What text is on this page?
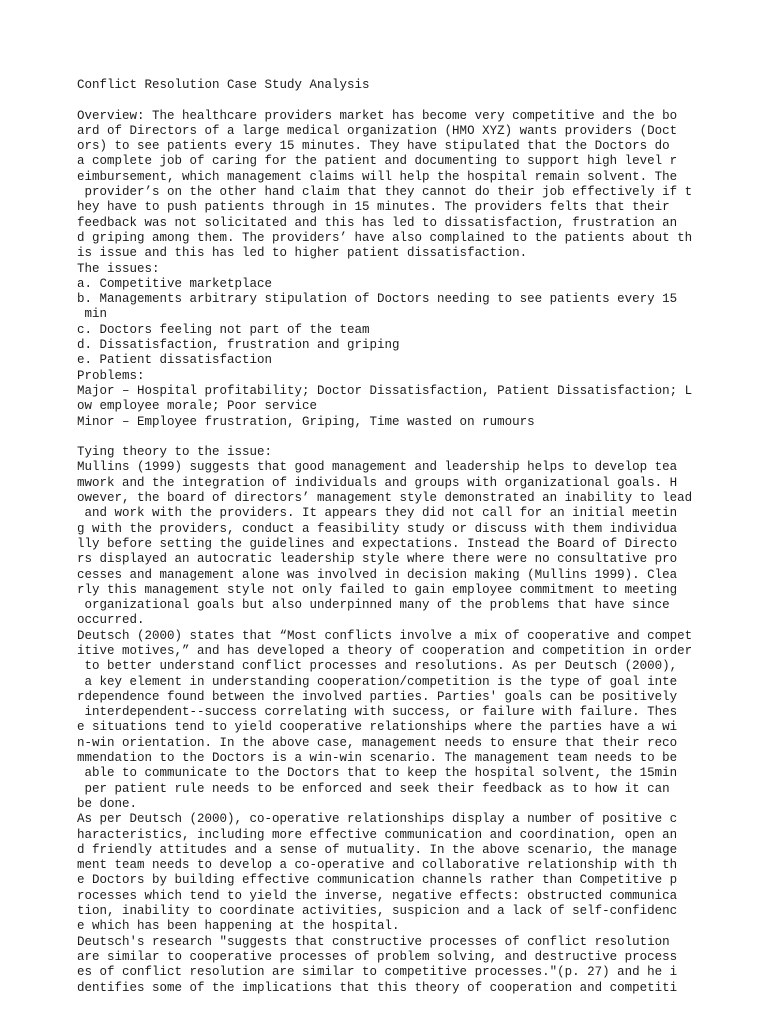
Conflict Resolution Case Study Analysis
Overview: The healthcare providers market has become very competitive and the bo
ard of Directors of a large medical organization (HMO XYZ) wants providers (Doct
ors) to see patients every 15 minutes. They have stipulated that the Doctors do
a complete job of caring for the patient and documenting to support high level r
eimbursement, which management claims will help the hospital remain solvent. The
provider’s on the other hand claim that they cannot do their job effectively if t
hey have to push patients through in 15 minutes. The providers felts that their
feedback was not solicitated and this has led to dissatisfaction, frustration an
d griping among them. The providers’ have also complained to the patients about th
is issue and this has led to higher patient dissatisfaction.
The issues:
a. Competitive marketplace
b. Managements arbitrary stipulation of Doctors needing to see patients every 15
min
c. Doctors feeling not part of the team
d. Dissatisfaction, frustration and griping
e. Patient dissatisfaction
Problems:
Major – Hospital profitability; Doctor Dissatisfaction, Patient Dissatisfaction; L
ow employee morale; Poor service
Minor – Employee frustration, Griping, Time wasted on rumours
Tying theory to the issue:
Mullins (1999) suggests that good management and leadership helps to develop tea
mwork and the integration of individuals and groups with organizational goals. H
owever, the board of directors’ management style demonstrated an inability to lead
and work with the providers. It appears they did not call for an initial meetin
g with the providers, conduct a feasibility study or discuss with them individua
lly before setting the guidelines and expectations. Instead the Board of Directo
rs displayed an autocratic leadership style where there were no consultative pro
cesses and management alone was involved in decision making (Mullins 1999). Clea
rly this management style not only failed to gain employee commitment to meeting
organizational goals but also underpinned many of the problems that have since
occurred.
Deutsch (2000) states that “Most conflicts involve a mix of cooperative and compet
itive motives,” and has developed a theory of cooperation and competition in order
to better understand conflict processes and resolutions. As per Deutsch (2000),
a key element in understanding cooperation/competition is the type of goal inte
rdependence found between the involved parties. Parties' goals can be positively
interdependent--success correlating with success, or failure with failure. Thes
e situations tend to yield cooperative relationships where the parties have a wi
n-win orientation. In the above case, management needs to ensure that their reco
mmendation to the Doctors is a win-win scenario. The management team needs to be
able to communicate to the Doctors that to keep the hospital solvent, the 15min
per patient rule needs to be enforced and seek their feedback as to how it can
be done.
As per Deutsch (2000), co-operative relationships display a number of positive c
haracteristics, including more effective communication and coordination, open an
d friendly attitudes and a sense of mutuality. In the above scenario, the manage
ment team needs to develop a co-operative and collaborative relationship with th
e Doctors by building effective communication channels rather than Competitive p
rocesses which tend to yield the inverse, negative effects: obstructed communica
tion, inability to coordinate activities, suspicion and a lack of self-confidenc
e which has been happening at the hospital.
Deutsch's research "suggests that constructive processes of conflict resolution
are similar to cooperative processes of problem solving, and destructive process
es of conflict resolution are similar to competitive processes."(p. 27) and he i
dentifies some of the implications that this theory of cooperation and competiti
